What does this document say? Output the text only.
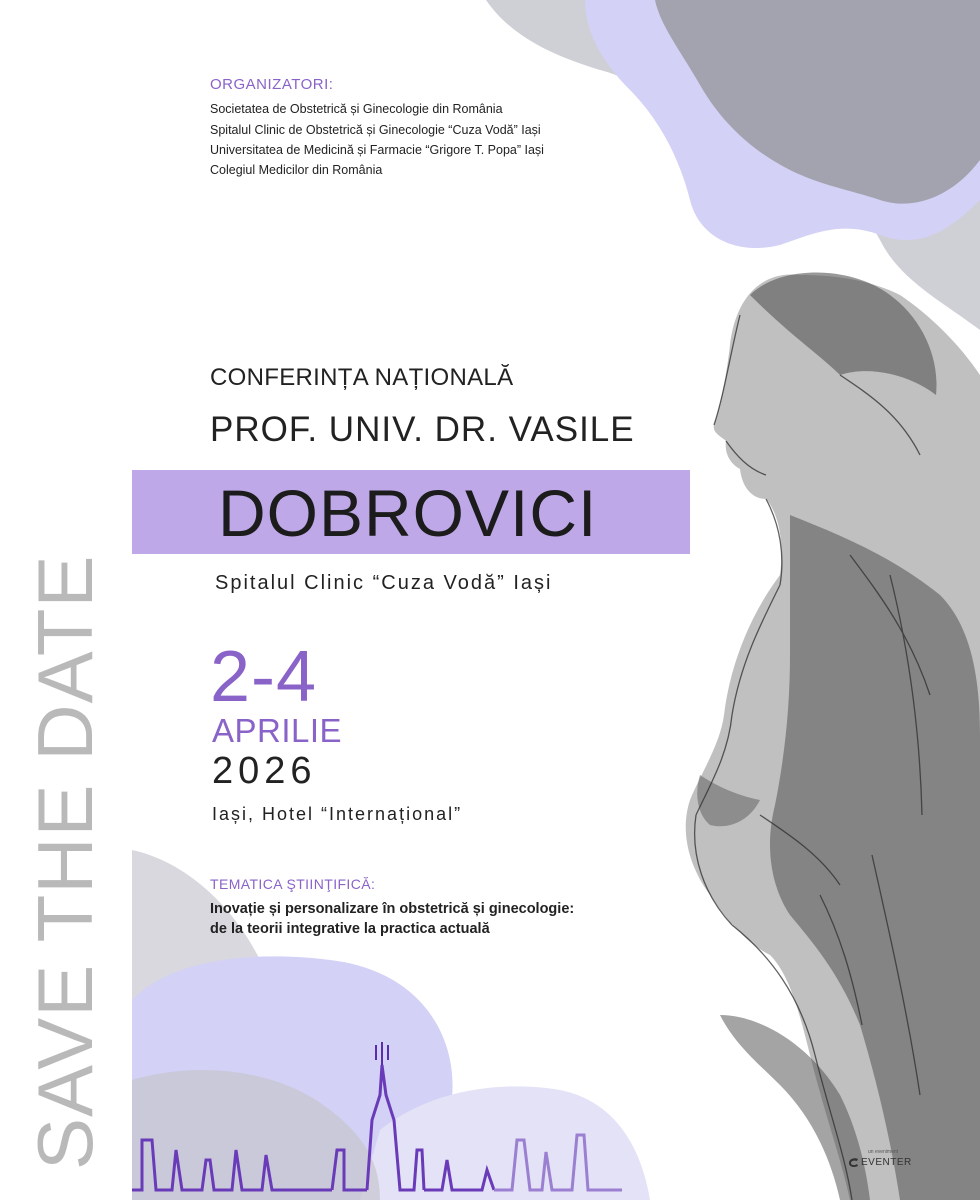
SAVE THE DATE
ORGANIZATORI:
Societatea de Obstetrică și Ginecologie din România
Spitalul Clinic de Obstetrică și Ginecologie “Cuza Vodă” Iași
Universitatea de Medicină și Farmacie “Grigore T. Popa” Iași
Colegiul Medicilor din România
CONFERINȚA NAȚIONALĂ
PROF. UNIV. DR. VASILE
DOBROVICI
Spitalul Clinic “Cuza Vodă” Iași
2-4
APRILIE
2026
Iași, Hotel “Internațional”
TEMATICA ŞTIINŢIFICĂ:
Inovație și personalizare în obstetrică și ginecologie:
de la teorii integrative la practica actuală
un eveniment
EVENTER
